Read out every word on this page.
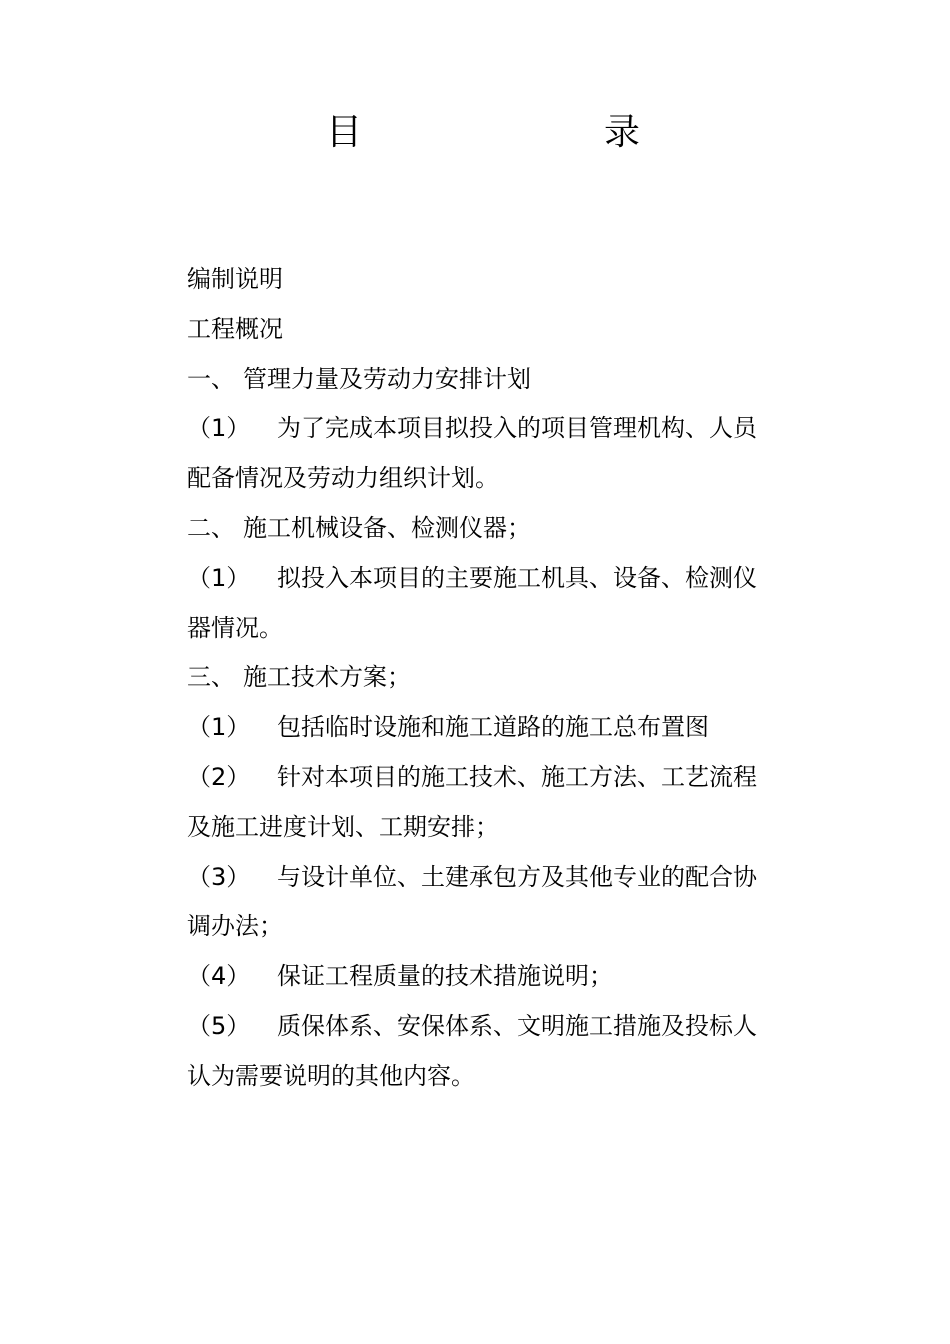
目	录
编制说明
工程概况
一、 管理力量及劳动力安排计划
（1） 为了完成本项目拟投入的项目管理机构、人员
配备情况及劳动力组织计划。
二、 施工机械设备、检测仪器；
（1） 拟投入本项目的主要施工机具、设备、检测仪
器情况。
三、 施工技术方案；
（1） 包括临时设施和施工道路的施工总布置图
（2） 针对本项目的施工技术、施工方法、工艺流程
及施工进度计划、工期安排；
（3） 与设计单位、土建承包方及其他专业的配合协
调办法；
（4） 保证工程质量的技术措施说明；
（5） 质保体系、安保体系、文明施工措施及投标人
认为需要说明的其他内容。
